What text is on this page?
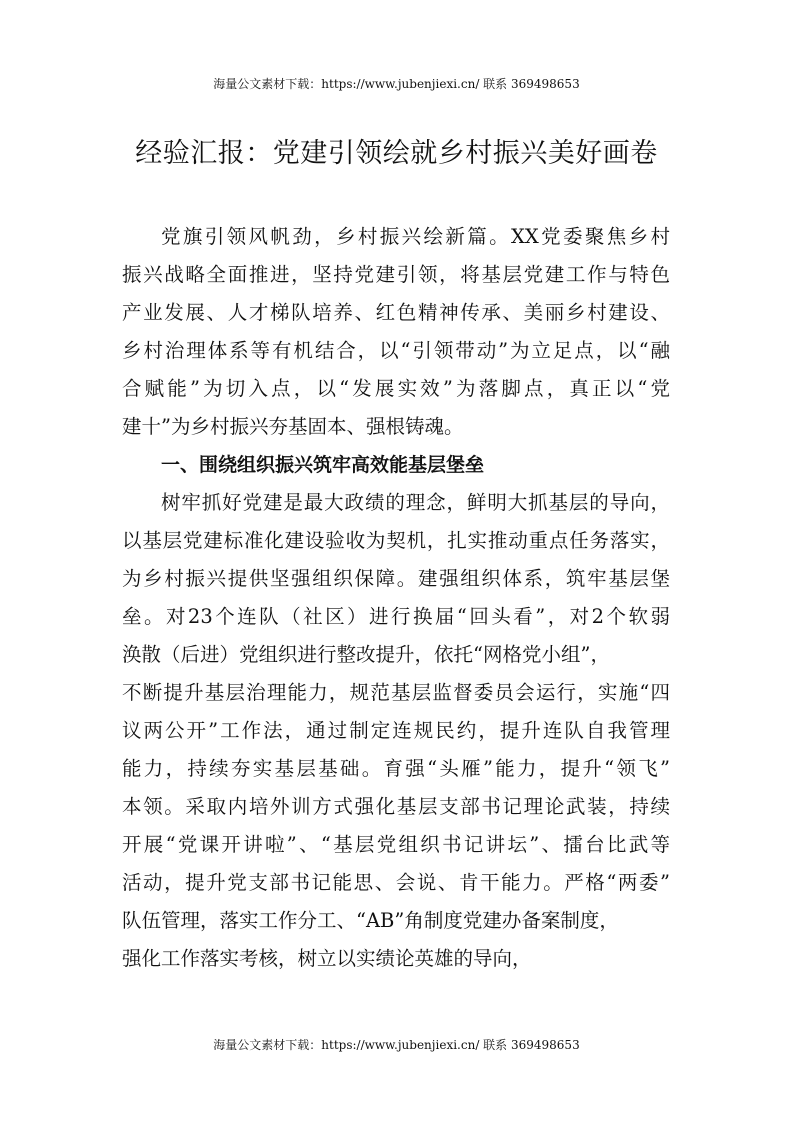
海量公文素材下载：https://www.jubenjiexi.cn/ 联系 369498653
经验汇报：党建引领绘就乡村振兴美好画卷
党旗引领风帆劲，乡村振兴绘新篇。XX党委聚焦乡村
振兴战略全面推进，坚持党建引领，将基层党建工作与特色
产业发展、人才梯队培养、红色精神传承、美丽乡村建设、
乡村治理体系等有机结合，以“引领带动”为立足点，以“融
合赋能”为切入点，以“发展实效”为落脚点，真正以“党
建十”为乡村振兴夯基固本、强根铸魂。
一、围绕组织振兴筑牢高效能基层堡垒
树牢抓好党建是最大政绩的理念，鲜明大抓基层的导向，
以基层党建标准化建设验收为契机，扎实推动重点任务落实，
为乡村振兴提供坚强组织保障。建强组织体系，筑牢基层堡
垒。对23个连队（社区）进行换届“回头看”，对2个软弱
涣散（后进）党组织进行整改提升，依托“网格党小组”，
不断提升基层治理能力，规范基层监督委员会运行，实施“四
议两公开”工作法，通过制定连规民约，提升连队自我管理
能力，持续夯实基层基础。育强“头雁”能力，提升“领飞”
本领。采取内培外训方式强化基层支部书记理论武装，持续
开展“党课开讲啦”、“基层党组织书记讲坛”、擂台比武等
活动，提升党支部书记能思、会说、肯干能力。严格“两委”
队伍管理，落实工作分工、“AB”角制度党建办备案制度，
强化工作落实考核，树立以实绩论英雄的导向，
海量公文素材下载：https://www.jubenjiexi.cn/ 联系 369498653
